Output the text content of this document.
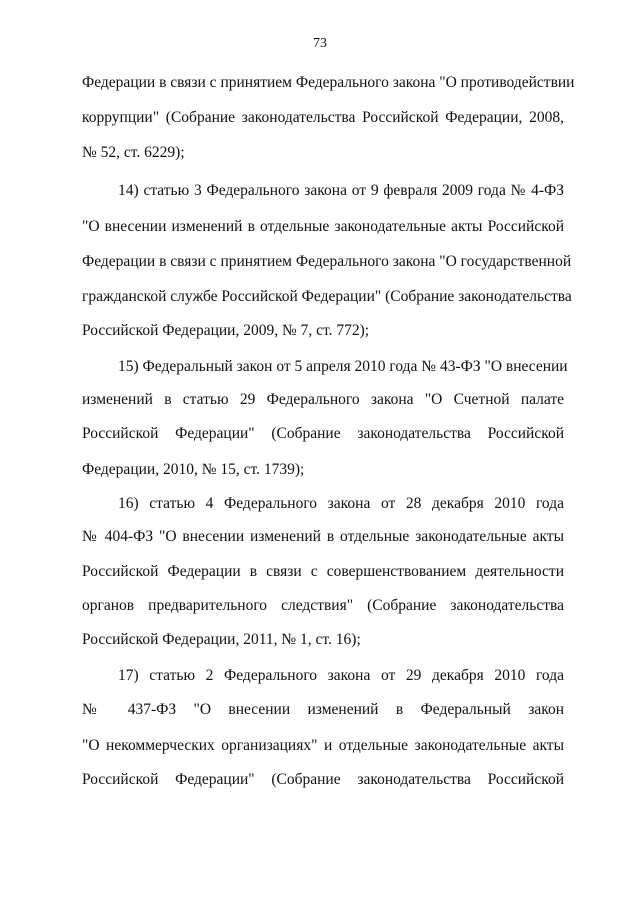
73
Федерации в связи с принятием Федерального закона "О противодействии
коррупции" (Собрание законодательства Российской Федерации, 2008,
№ 52, ст. 6229);
14) статью 3 Федерального закона от 9 февраля 2009 года № 4-ФЗ
"О внесении изменений в отдельные законодательные акты Российской
Федерации в связи с принятием Федерального закона "О государственной
гражданской службе Российской Федерации" (Собрание законодательства
Российской Федерации, 2009, № 7, ст. 772);
15) Федеральный закон от 5 апреля 2010 года № 43-ФЗ "О внесении
изменений в статью 29 Федерального закона "О Счетной палате
Российской Федерации" (Собрание законодательства Российской
Федерации, 2010, № 15, ст. 1739);
16) статью 4 Федерального закона от 28 декабря 2010 года
№ 404-ФЗ "О внесении изменений в отдельные законодательные акты
Российской Федерации в связи с совершенствованием деятельности
органов предварительного следствия" (Собрание законодательства
Российской Федерации, 2011, № 1, ст. 16);
17) статью 2 Федерального закона от 29 декабря 2010 года
№ 437-ФЗ "О внесении изменений в Федеральный закон
"О некоммерческих организациях" и отдельные законодательные акты
Российской Федерации" (Собрание законодательства Российской
